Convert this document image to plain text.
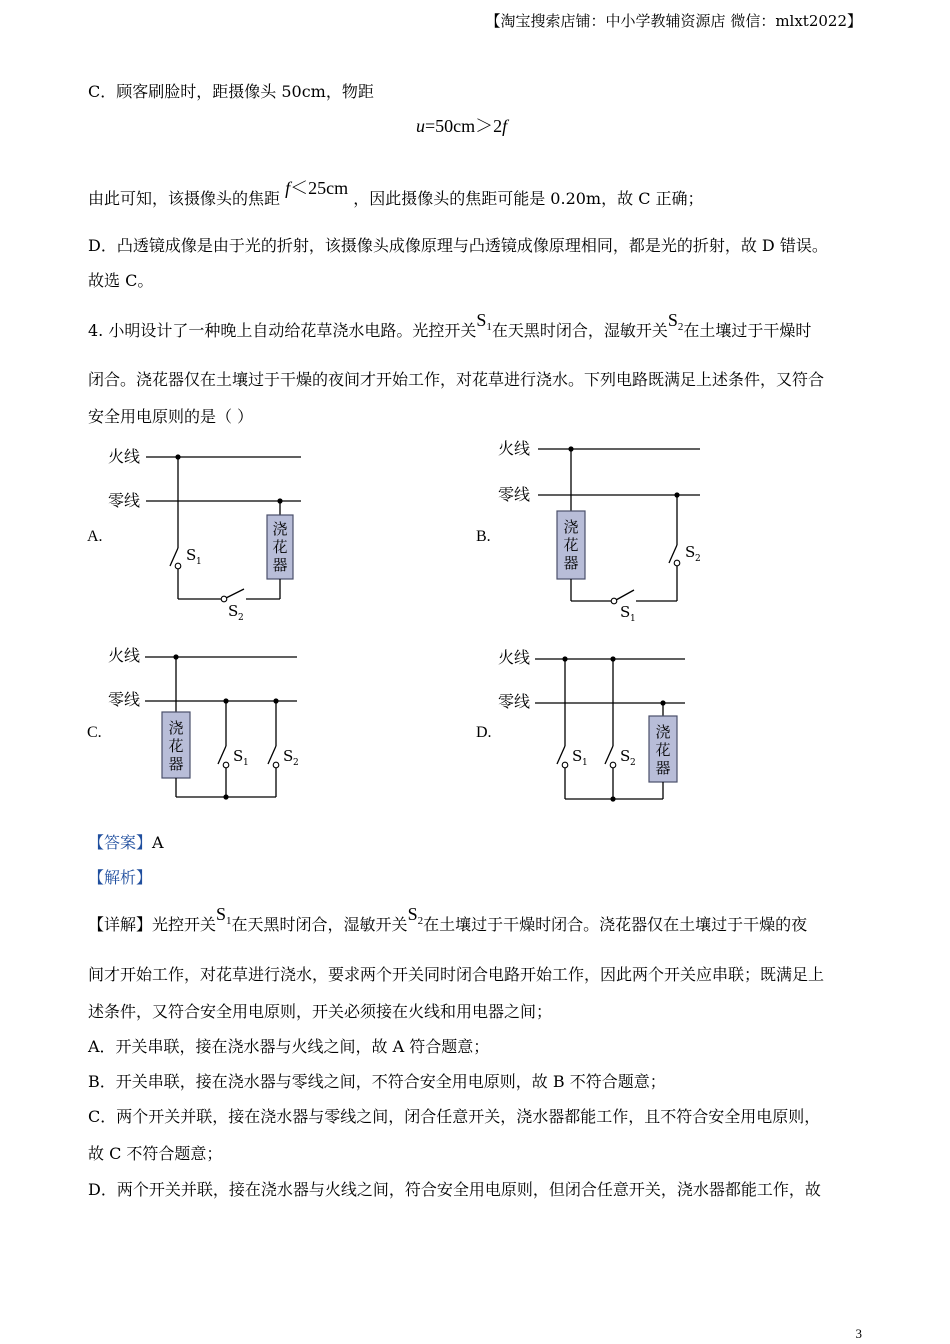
【淘宝搜索店铺：中小学教辅资源店 微信：mlxt2022】
C．顾客刷脸时，距摄像头 50cm，物距
u=50cm＞2f
由此可知，该摄像头的焦距 f＜25cm ，因此摄像头的焦距可能是 0.20m，故 C 正确；
D．凸透镜成像是由于光的折射，该摄像头成像原理与凸透镜成像原理相同，都是光的折射，故 D 错误。
故选 C。
4. 小明设计了一种晚上自动给花草浇水电路。光控开关$S_1$在天黑时闭合，湿敏开关$S_2$在土壤过于干燥时
闭合。浇花器仅在土壤过于干燥的夜间才开始工作，对花草进行浇水。下列电路既满足上述条件，又符合
安全用电原则的是（ ）
A.	B.
C.	D.
火线
零线
S 1
S 2
浇花器
火线
零线
浇花器
S 1
S 2
火线
零线
浇花器	S 1 S 2
火线
零线
S 1 S 2
浇花器
【答案】A
【解析】
【详解】光控开关$S_1$在天黑时闭合，湿敏开关$S_2$在土壤过于干燥时闭合。浇花器仅在土壤过于干燥的夜
间才开始工作，对花草进行浇水，要求两个开关同时闭合电路开始工作，因此两个开关应串联；既满足上
述条件，又符合安全用电原则，开关必须接在火线和用电器之间；
A．开关串联，接在浇水器与火线之间，故 A 符合题意；
B．开关串联，接在浇水器与零线之间，不符合安全用电原则，故 B 不符合题意；
C．两个开关并联，接在浇水器与零线之间，闭合任意开关，浇水器都能工作，且不符合安全用电原则，
故 C 不符合题意；
D．两个开关并联，接在浇水器与火线之间，符合安全用电原则，但闭合任意开关，浇水器都能工作，故
3
